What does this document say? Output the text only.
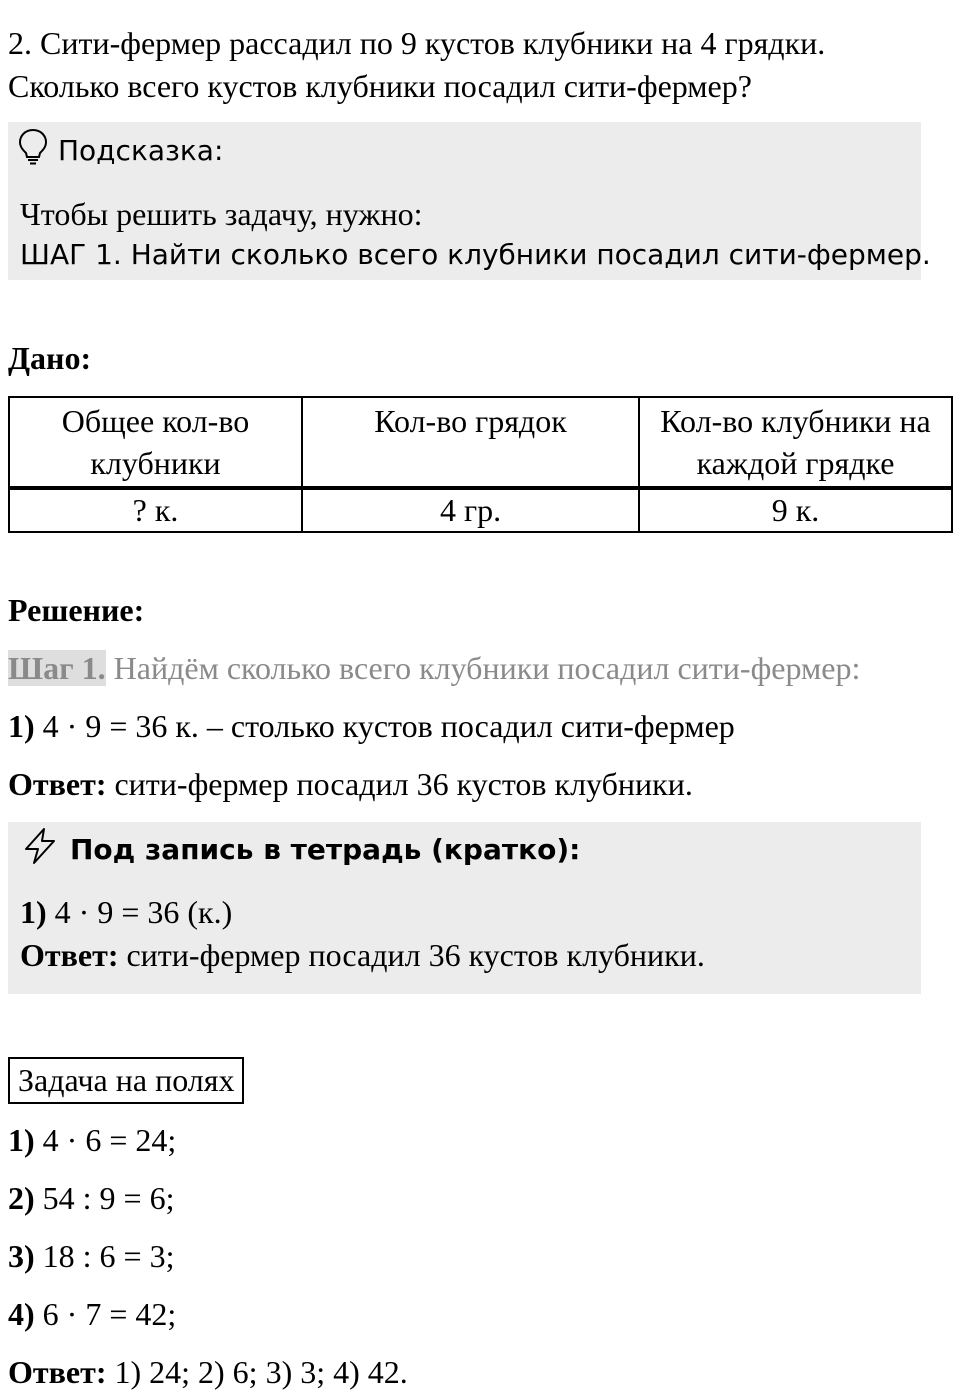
2. Сити-фермер рассадил по 9 кустов клубники на 4 грядки.

Сколько всего кустов клубники посадил сити-фермер?

Подсказка:
Чтобы решить задачу, нужно:
ШАГ 1. Найти сколько всего клубники посадил сити-фермер.
Дано:
Общее кол-во клубники	Кол-во грядок	Кол-во клубники на каждой грядке
? к.	4 гр.	9 к.
Решение:
Шаг 1. Найдём сколько всего клубники посадил сити-фермер:
1) 4 · 9 = 36 к. – столько кустов посадил сити-фермер
Ответ: сити-фермер посадил 36 кустов клубники.
Под запись в тетрадь (кратко):
1) 4 · 9 = 36 (к.)
Ответ: сити-фермер посадил 36 кустов клубники.
Задача на полях
1) 4 · 6 = 24;
2) 54 : 9 = 6;
3) 18 : 6 = 3;
4) 6 · 7 = 42;
Ответ: 1) 24; 2) 6; 3) 3; 4) 42.
